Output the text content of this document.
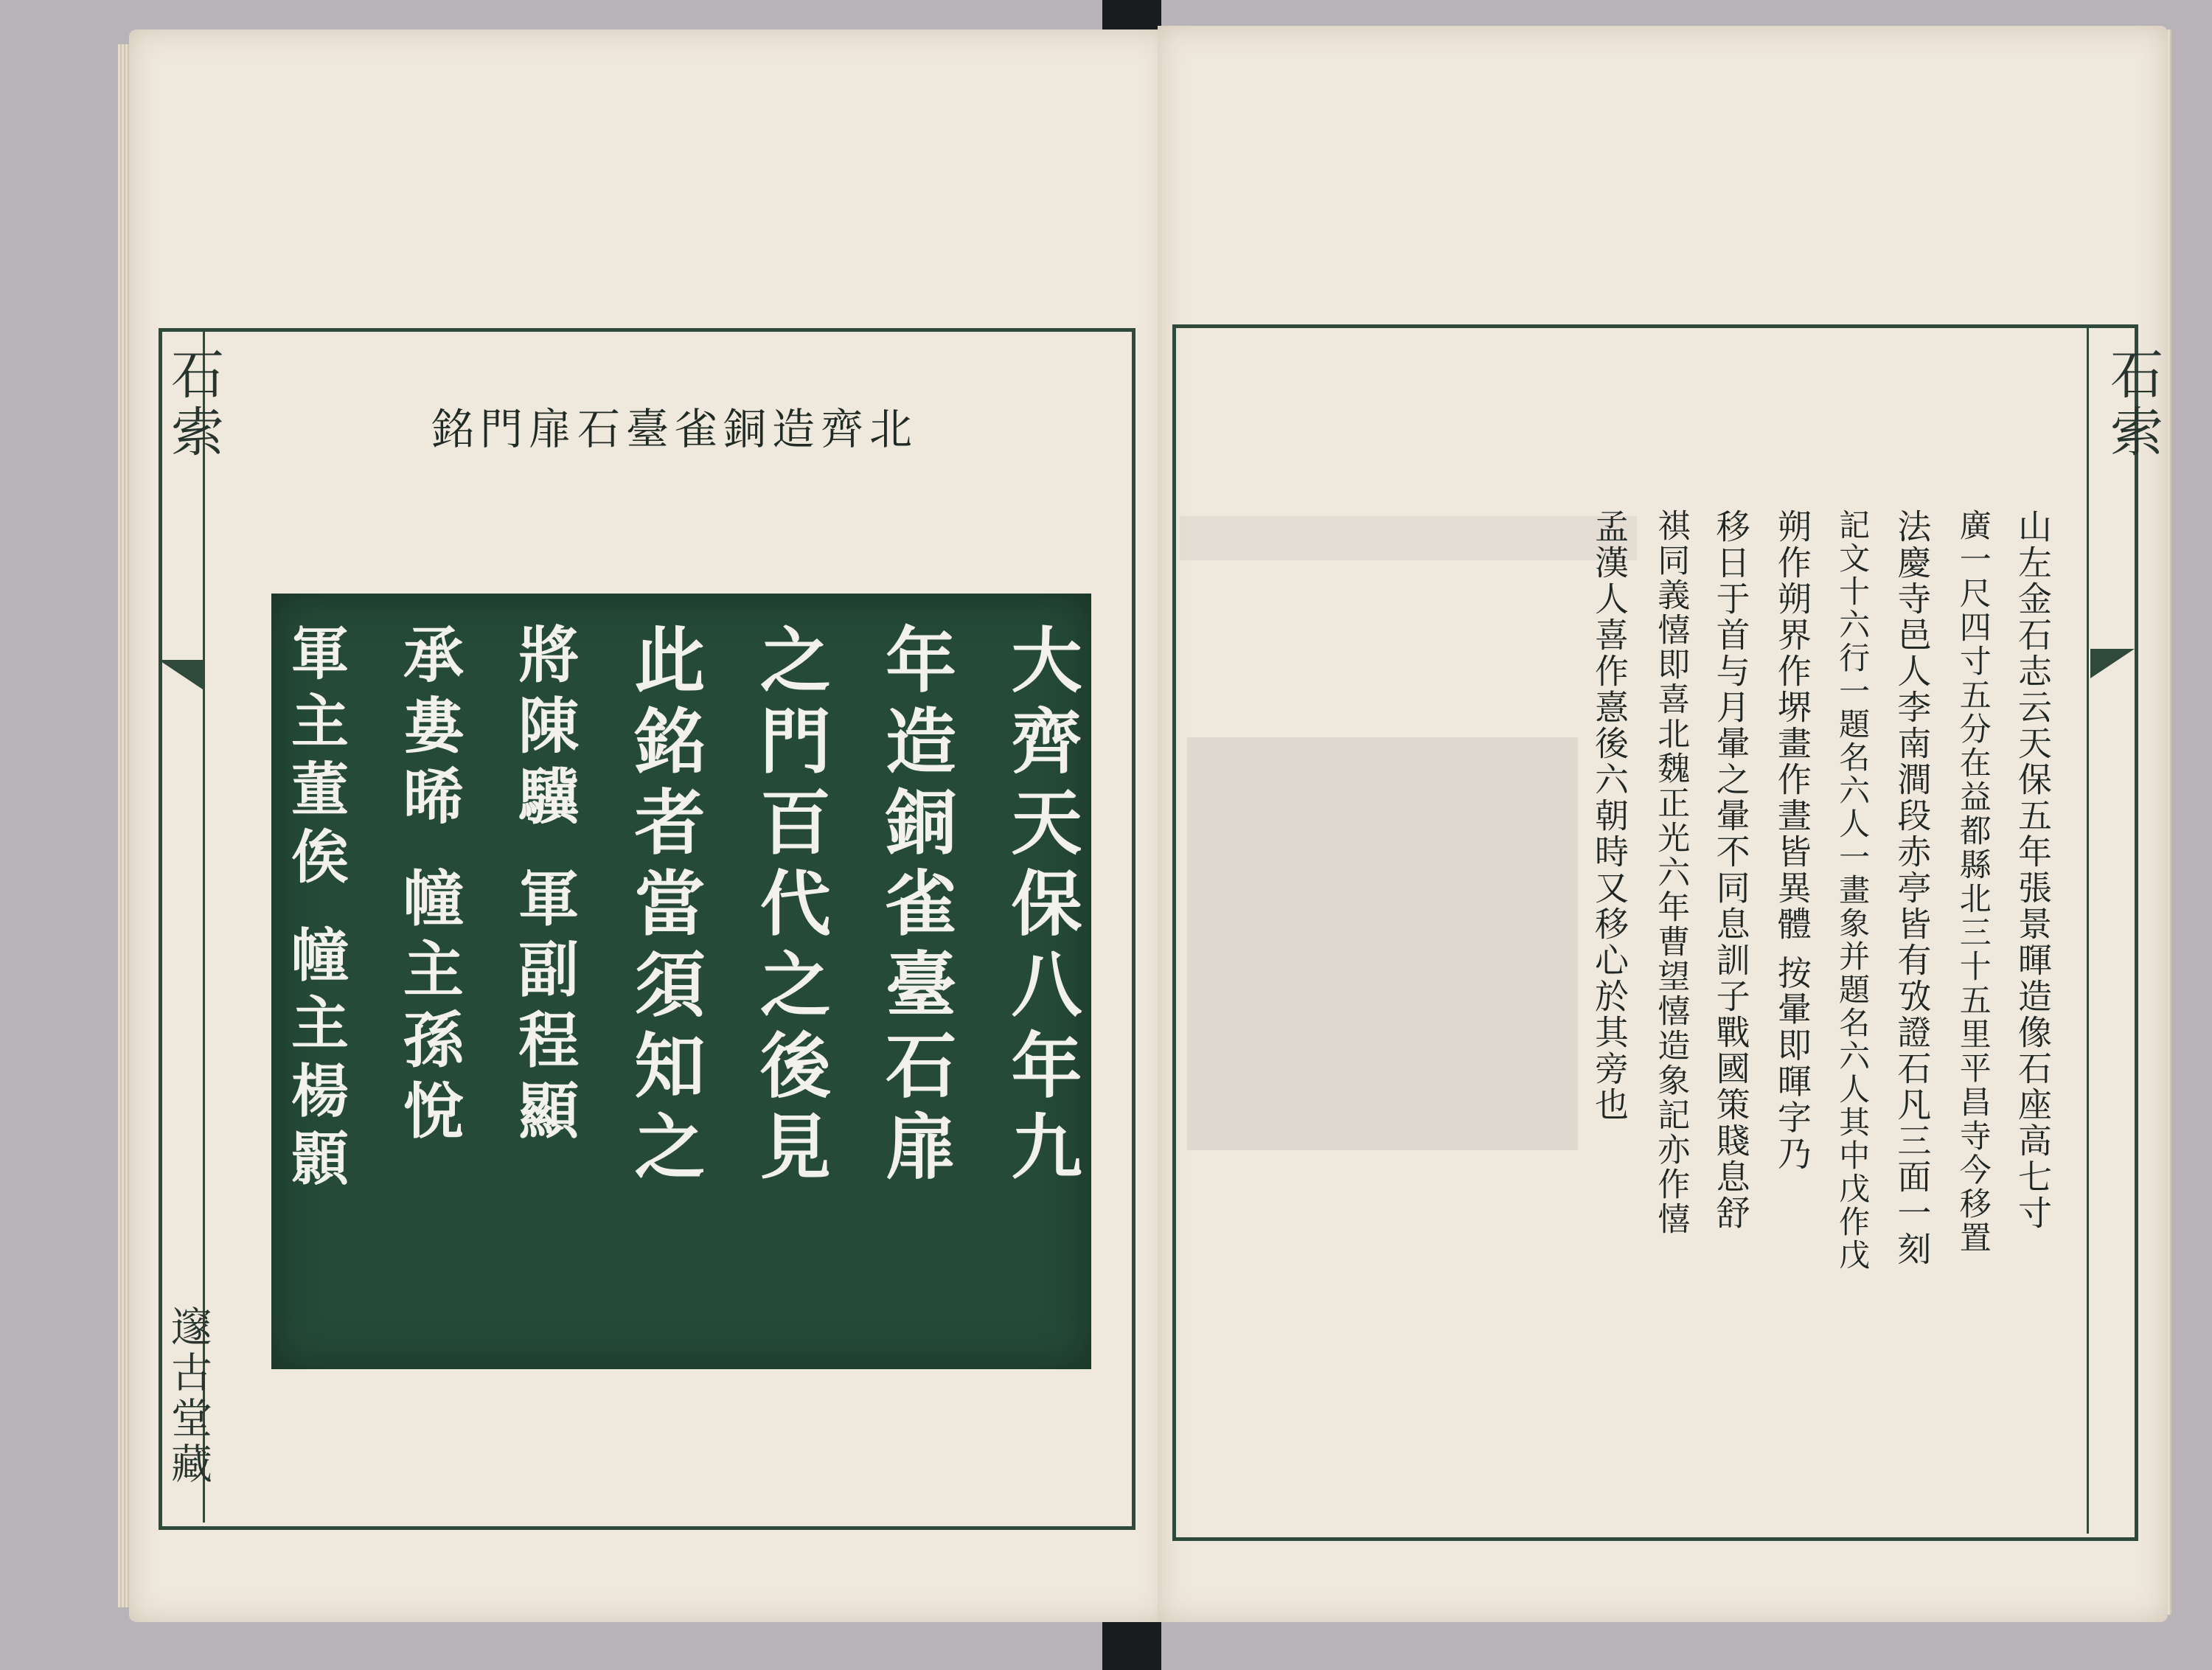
石索
邃古堂藏
石索
北齊造銅雀臺石扉門銘
大齊天保八年九
年造銅雀臺石扉
之門百代之後見
此銘者當須知之
將陳驥 軍副程顯
承婁晞 幢主孫悅
軍主董俟 幢主楊顥	山左金石志云天保五年張景暉造像石座高七寸
廣一尺四寸五分在益都縣北三十五里平昌寺今移置
法慶寺邑人李南澗段赤亭皆有攷證石凡三面一刻
記文十六行一題名六人一畫象并題名六人其中戊作戊
朔作朔界作堺畫作晝皆異體 按暈即暉字乃
移日于首与月暈之暈不同息訓子戰國策賤息舒
祺同義憘即喜北魏正光六年曹望憘造象記亦作憘
孟漢人喜作憙後六朝時又移心於其旁也
